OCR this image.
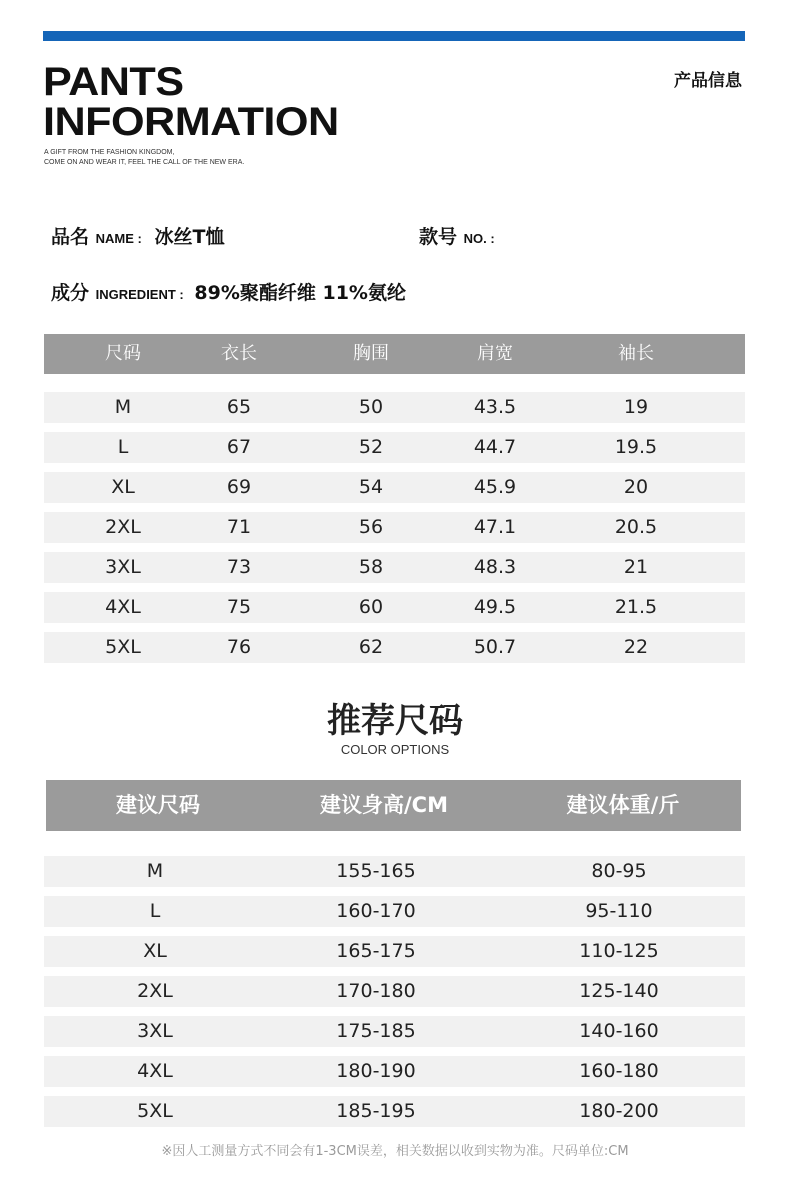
PANTS
INFORMATION
A GIFT FROM THE FASHION KINGDOM,
COME ON AND WEAR IT, FEEL THE CALL OF THE NEW ERA.
产品信息
品名 NAME : 冰丝T恤	款号 NO. :
成分 INGREDIENT : 89%聚酯纤维 11%氨纶
尺码	衣长	胸围	肩宽	袖长
M	65	50	43.5	19
L	67	52	44.7	19.5
XL	69	54	45.9	20
2XL	71	56	47.1	20.5
3XL	73	58	48.3	21
4XL	75	60	49.5	21.5
5XL	76	62	50.7	22
推荐尺码
COLOR OPTIONS
建议尺码	建议身高/CM	建议体重/斤
M	155-165	80-95
L	160-170	95-110
XL	165-175	110-125
2XL	170-180	125-140
3XL	175-185	140-160
4XL	180-190	160-180
5XL	185-195	180-200
※因人工测量方式不同会有1-3CM误差，相关数据以收到实物为准。尺码单位:CM
